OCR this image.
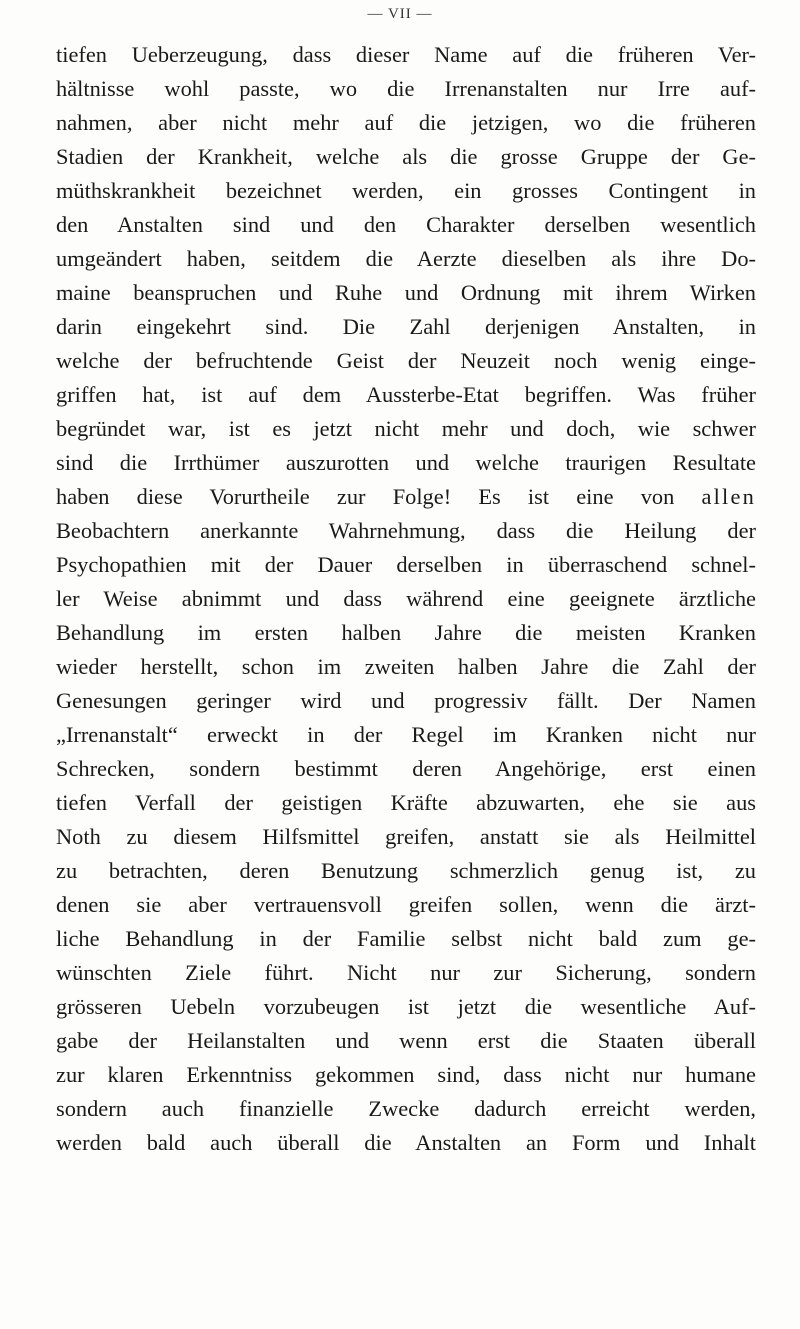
— VII —
tiefen Ueberzeugung, dass dieser Name auf die früheren Ver-
hältnisse wohl passte, wo die Irrenanstalten nur Irre auf-
nahmen, aber nicht mehr auf die jetzigen, wo die früheren
Stadien der Krankheit, welche als die grosse Gruppe der Ge-
müthskrankheit bezeichnet werden, ein grosses Contingent in
den Anstalten sind und den Charakter derselben wesentlich
umgeändert haben, seitdem die Aerzte dieselben als ihre Do-
maine beanspruchen und Ruhe und Ordnung mit ihrem Wirken
darin eingekehrt sind. Die Zahl derjenigen Anstalten, in
welche der befruchtende Geist der Neuzeit noch wenig einge-
griffen hat, ist auf dem Aussterbe-Etat begriffen. Was früher
begründet war, ist es jetzt nicht mehr und doch, wie schwer
sind die Irrthümer auszurotten und welche traurigen Resultate
haben diese Vorurtheile zur Folge! Es ist eine von allen
Beobachtern anerkannte Wahrnehmung, dass die Heilung der
Psychopathien mit der Dauer derselben in überraschend schnel-
ler Weise abnimmt und dass während eine geeignete ärztliche
Behandlung im ersten halben Jahre die meisten Kranken
wieder herstellt, schon im zweiten halben Jahre die Zahl der
Genesungen geringer wird und progressiv fällt. Der Namen
„Irrenanstalt“ erweckt in der Regel im Kranken nicht nur
Schrecken, sondern bestimmt deren Angehörige, erst einen
tiefen Verfall der geistigen Kräfte abzuwarten, ehe sie aus
Noth zu diesem Hilfsmittel greifen, anstatt sie als Heilmittel
zu betrachten, deren Benutzung schmerzlich genug ist, zu
denen sie aber vertrauensvoll greifen sollen, wenn die ärzt-
liche Behandlung in der Familie selbst nicht bald zum ge-
wünschten Ziele führt. Nicht nur zur Sicherung, sondern
grösseren Uebeln vorzubeugen ist jetzt die wesentliche Auf-
gabe der Heilanstalten und wenn erst die Staaten überall
zur klaren Erkenntniss gekommen sind, dass nicht nur humane
sondern auch finanzielle Zwecke dadurch erreicht werden,
werden bald auch überall die Anstalten an Form und Inhalt
